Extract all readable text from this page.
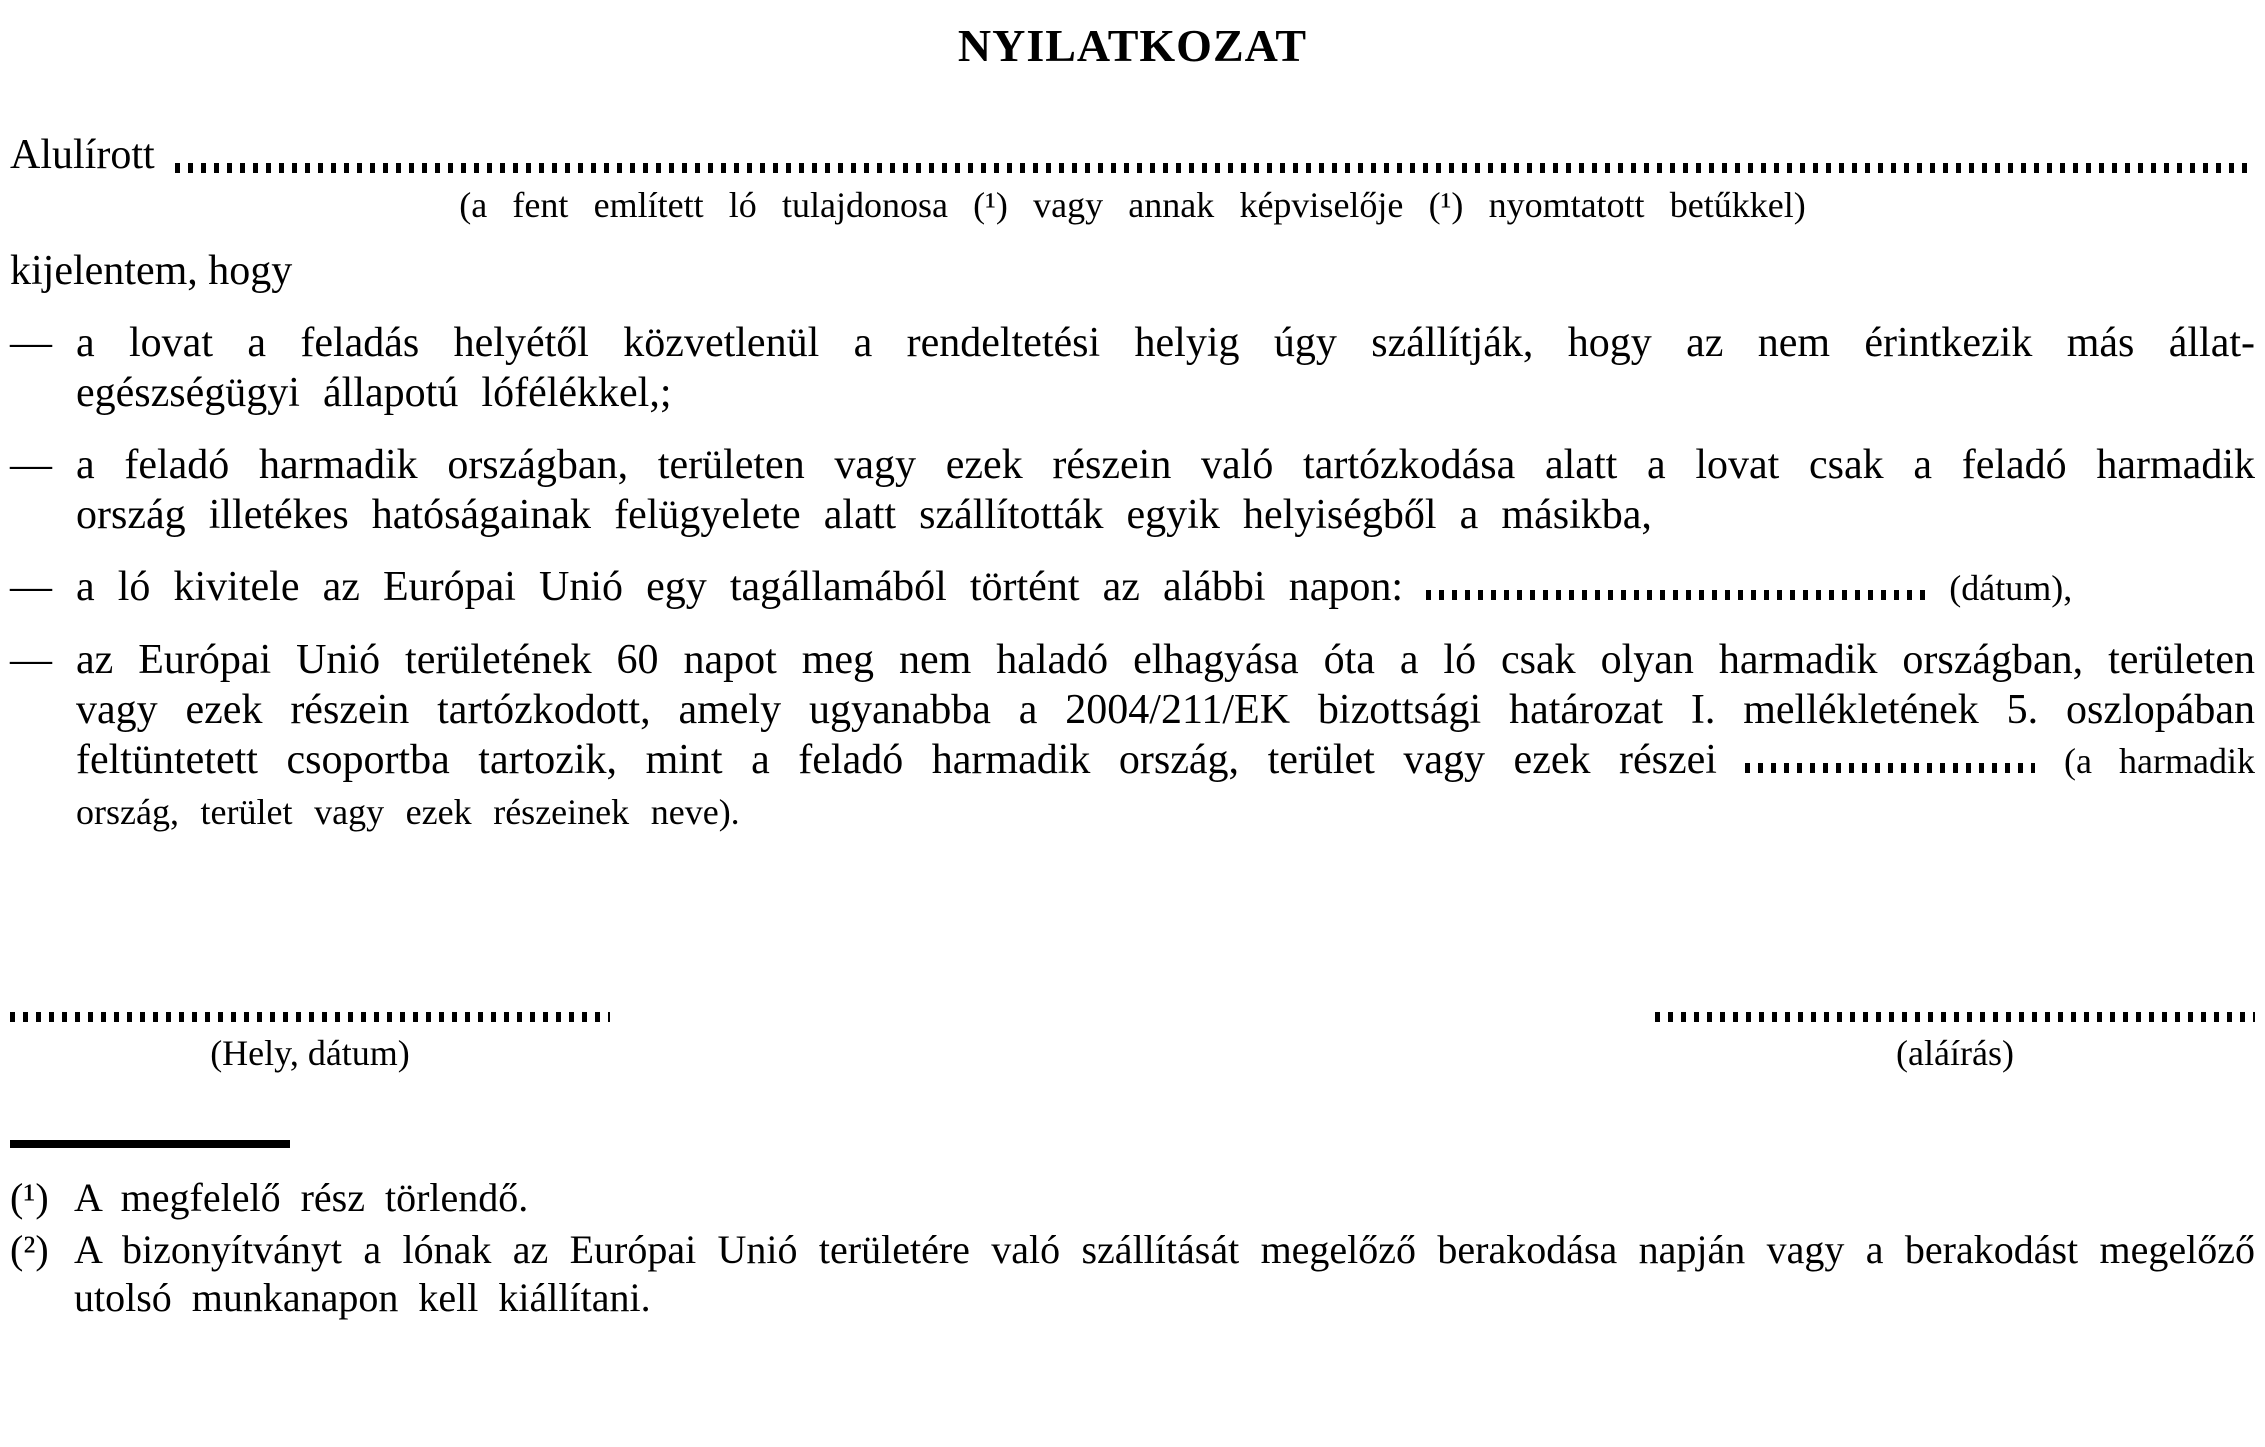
NYILATKOZAT
Alulírott
(a fent említett ló tulajdonosa (¹) vagy annak képviselője (¹) nyomtatott betűkkel)
kijelentem, hogy
— a lovat a feladás helyétől közvetlenül a rendeltetési helyig úgy szállítják, hogy az nem érintkezik más állat-egészségügyi állapotú lófélékkel,;
— a feladó harmadik országban, területen vagy ezek részein való tartózkodása alatt a lovat csak a feladó harmadik ország illetékes hatóságainak felügyelete alatt szállították egyik helyiségből a másikba,
— a ló kivitele az Európai Unió egy tagállamából történt az alábbi napon:	(dátum),
— az Európai Unió területének 60 napot meg nem haladó elhagyása óta a ló csak olyan harmadik országban, területen vagy ezek részein tartózkodott, amely ugyanabba a 2004/211/EK bizottsági határozat I. mellékletének 5. oszlopában feltüntetett csoportba tartozik, mint a feladó harmadik ország, terület vagy ezek részei	(a harmadik ország, terület vagy ezek részeinek neve).
(Hely, dátum)	(aláírás)
(¹) A megfelelő rész törlendő.
(²) A bizonyítványt a lónak az Európai Unió területére való szállítását megelőző berakodása napján vagy a berakodást megelőző utolsó munkanapon kell kiállítani.
